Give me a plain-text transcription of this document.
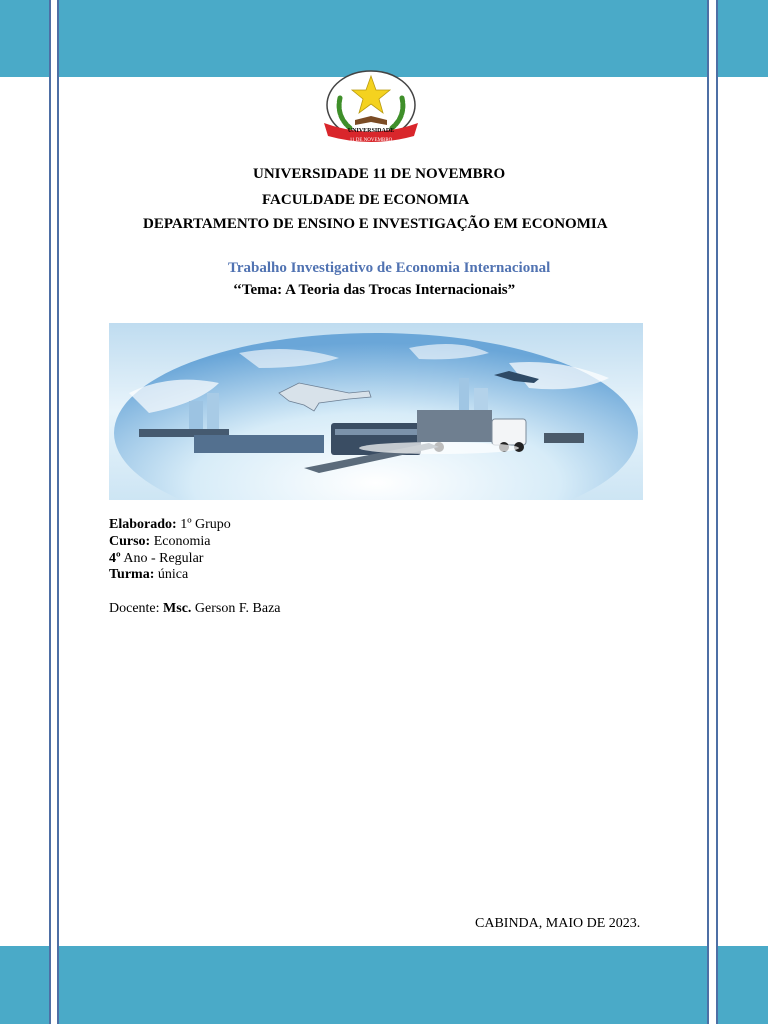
UNIVERSIDADE
11 DE NOVEMBRO
UNIVERSIDADE 11 DE NOVEMBRO
FACULDADE DE ECONOMIA
DEPARTAMENTO DE ENSINO E INVESTIGAÇÃO EM ECONOMIA
Trabalho Investigativo de Economia Internacional
‘‘Tema: A Teoria das Trocas Internacionais”
Elaborado: 1º Grupo
Curso: Economia
4º Ano - Regular
Turma: única
Docente: Msc. Gerson F. Baza
CABINDA, MAIO DE 2023.
